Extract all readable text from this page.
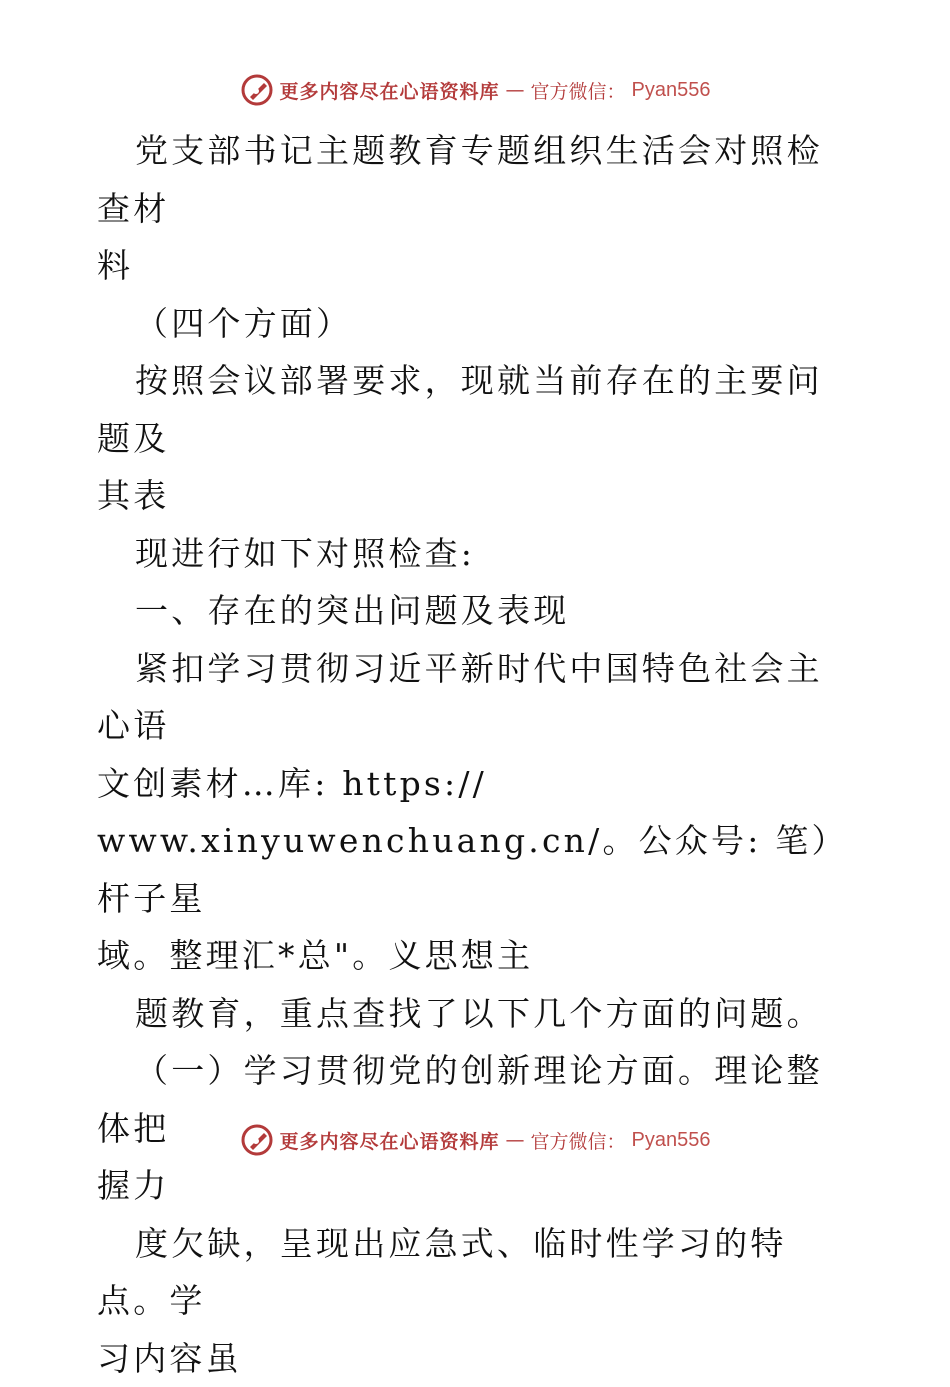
更多内容尽在心语资料库 — 官方微信： Pyan556

党支部书记主题教育专题组织生活会对照检查材

料

（四个方面）

按照会议部署要求，现就当前存在的主要问题及

其表

现进行如下对照检查:

一、存在的突出问题及表现

紧扣学习贯彻习近平新时代中国特色社会主心语

文创素材…库: https://

www.xinyuwenchuang.cn/。公众号: 笔）杆子星

域。整理汇*总"。义思想主

题教育，重点查找了以下几个方面的问题。

（一）学习贯彻党的创新理论方面。理论整体把

握力

度欠缺，呈现出应急式、临时性学习的特点。学

习内容虽

更多内容尽在心语资料库 — 官方微信： Pyan556
